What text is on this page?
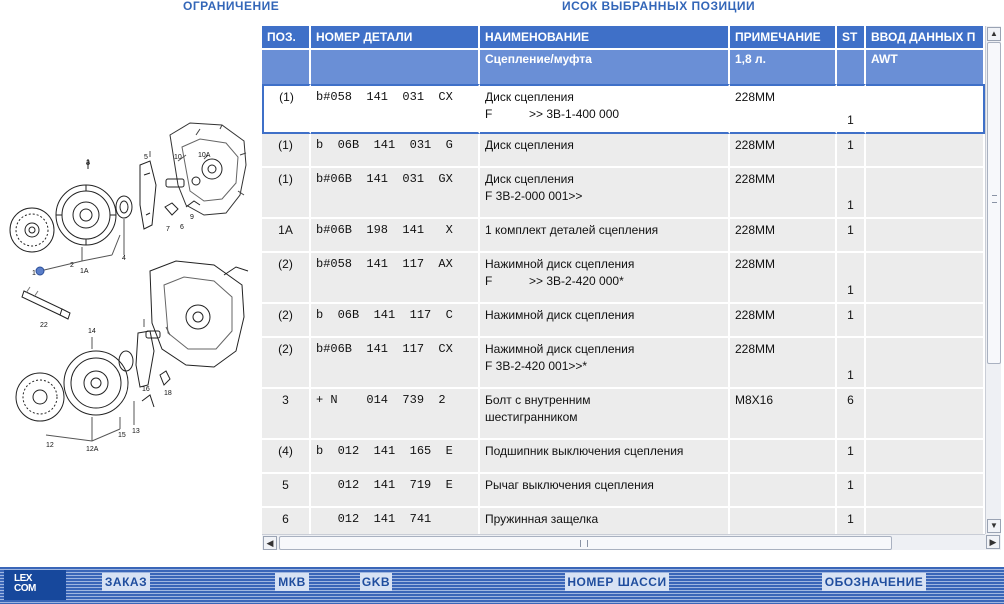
ОГРАНИЧЕНИЕ	ИСОК ВЫБРАННЫХ ПОЗИЦИИ
3
5	10 10A
2
1	1A
4
7 6
9
22
14
16
18
12
15
13
12A
ПОЗ.	НОМЕР ДЕТАЛИ	НАИМЕНОВАНИЕ	ПРИМЕЧАНИЕ	ST	ВВОД ДАННЫХ П
		Сцепление/муфта	1,8 л.		AWT
(1)	b#058  141  031  CX	Диск сцепления
F           >> 3B-1-400 000	228MM	1	
(1)	b  06B  141  031  G	Диск сцепления	228MM	1	
(1)	b#06B  141  031  GX	Диск сцепления
F 3B-2-000 001>>	228MM	1	
1A	b#06B  198  141   X	1 комплект деталей сцепления	228MM	1	
(2)	b#058  141  117  AX	Нажимной диск сцепления
F           >> 3B-2-420 000*	228MM	1	
(2)	b  06B  141  117  C	Нажимной диск сцепления	228MM	1	
(2)	b#06B  141  117  CX	Нажимной диск сцепления
F 3B-2-420 001>>*	228MM	1	
3	+ N    014  739  2	Болт с внутренним
шестигранником	M8X16	6	
(4)	b  012  141  165  E	Подшипник выключения сцепления		1	
5	012  141  719  E	Рычаг выключения сцепления		1	
6	012  141  741	Пружинная защелка		1	
▲
▼
◀	▶
LEX
COM	ЗАКАЗ	МКВ	GKB	НОМЕР ШАССИ	ОБОЗНАЧЕНИЕ
